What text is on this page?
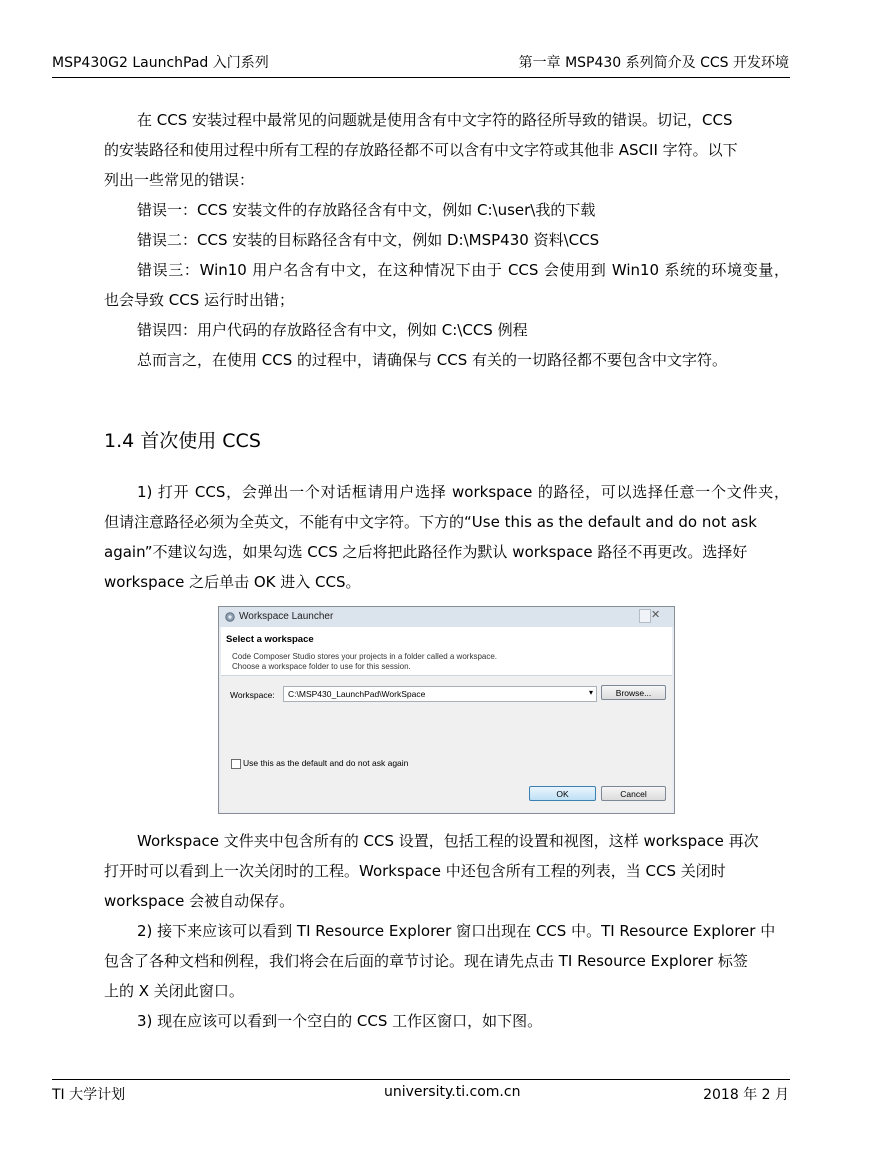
MSP430G2 LaunchPad 入门系列	第一章 MSP430 系列简介及 CCS 开发环境
在 CCS 安装过程中最常见的问题就是使用含有中文字符的路径所导致的错误。切记，CCS
的安装路径和使用过程中所有工程的存放路径都不可以含有中文字符或其他非 ASCII 字符。以下
列出一些常见的错误：
错误一：CCS 安装文件的存放路径含有中文，例如 C:\user\我的下载
错误二：CCS 安装的目标路径含有中文，例如 D:\MSP430 资料\CCS
错误三：Win10 用户名含有中文，在这种情况下由于 CCS 会使用到 Win10 系统的环境变量，
也会导致 CCS 运行时出错；
错误四：用户代码的存放路径含有中文，例如 C:\CCS 例程
总而言之，在使用 CCS 的过程中，请确保与 CCS 有关的一切路径都不要包含中文字符。
1.4 首次使用 CCS
1) 打开 CCS，会弹出一个对话框请用户选择 workspace 的路径，可以选择任意一个文件夹，
但请注意路径必须为全英文，不能有中文字符。下方的“Use this as the default and do not ask
again”不建议勾选，如果勾选 CCS 之后将把此路径作为默认 workspace 路径不再更改。选择好
workspace 之后单击 OK 进入 CCS。
Workspace Launcher	✕
Select a workspace
Code Composer Studio stores your projects in a folder called a workspace.
Choose a workspace folder to use for this session.
Workspace: C:\MSP430_LaunchPad\WorkSpace	▾	Browse...
Use this as the default and do not ask again
OK	Cancel
Workspace 文件夹中包含所有的 CCS 设置，包括工程的设置和视图，这样 workspace 再次
打开时可以看到上一次关闭时的工程。Workspace 中还包含所有工程的列表，当 CCS 关闭时
workspace 会被自动保存。
2) 接下来应该可以看到 TI Resource Explorer 窗口出现在 CCS 中。TI Resource Explorer 中
包含了各种文档和例程，我们将会在后面的章节讨论。现在请先点击 TI Resource Explorer 标签
上的 X 关闭此窗口。
3) 现在应该可以看到一个空白的 CCS 工作区窗口，如下图。
TI 大学计划	university.ti.com.cn	2018 年 2 月
